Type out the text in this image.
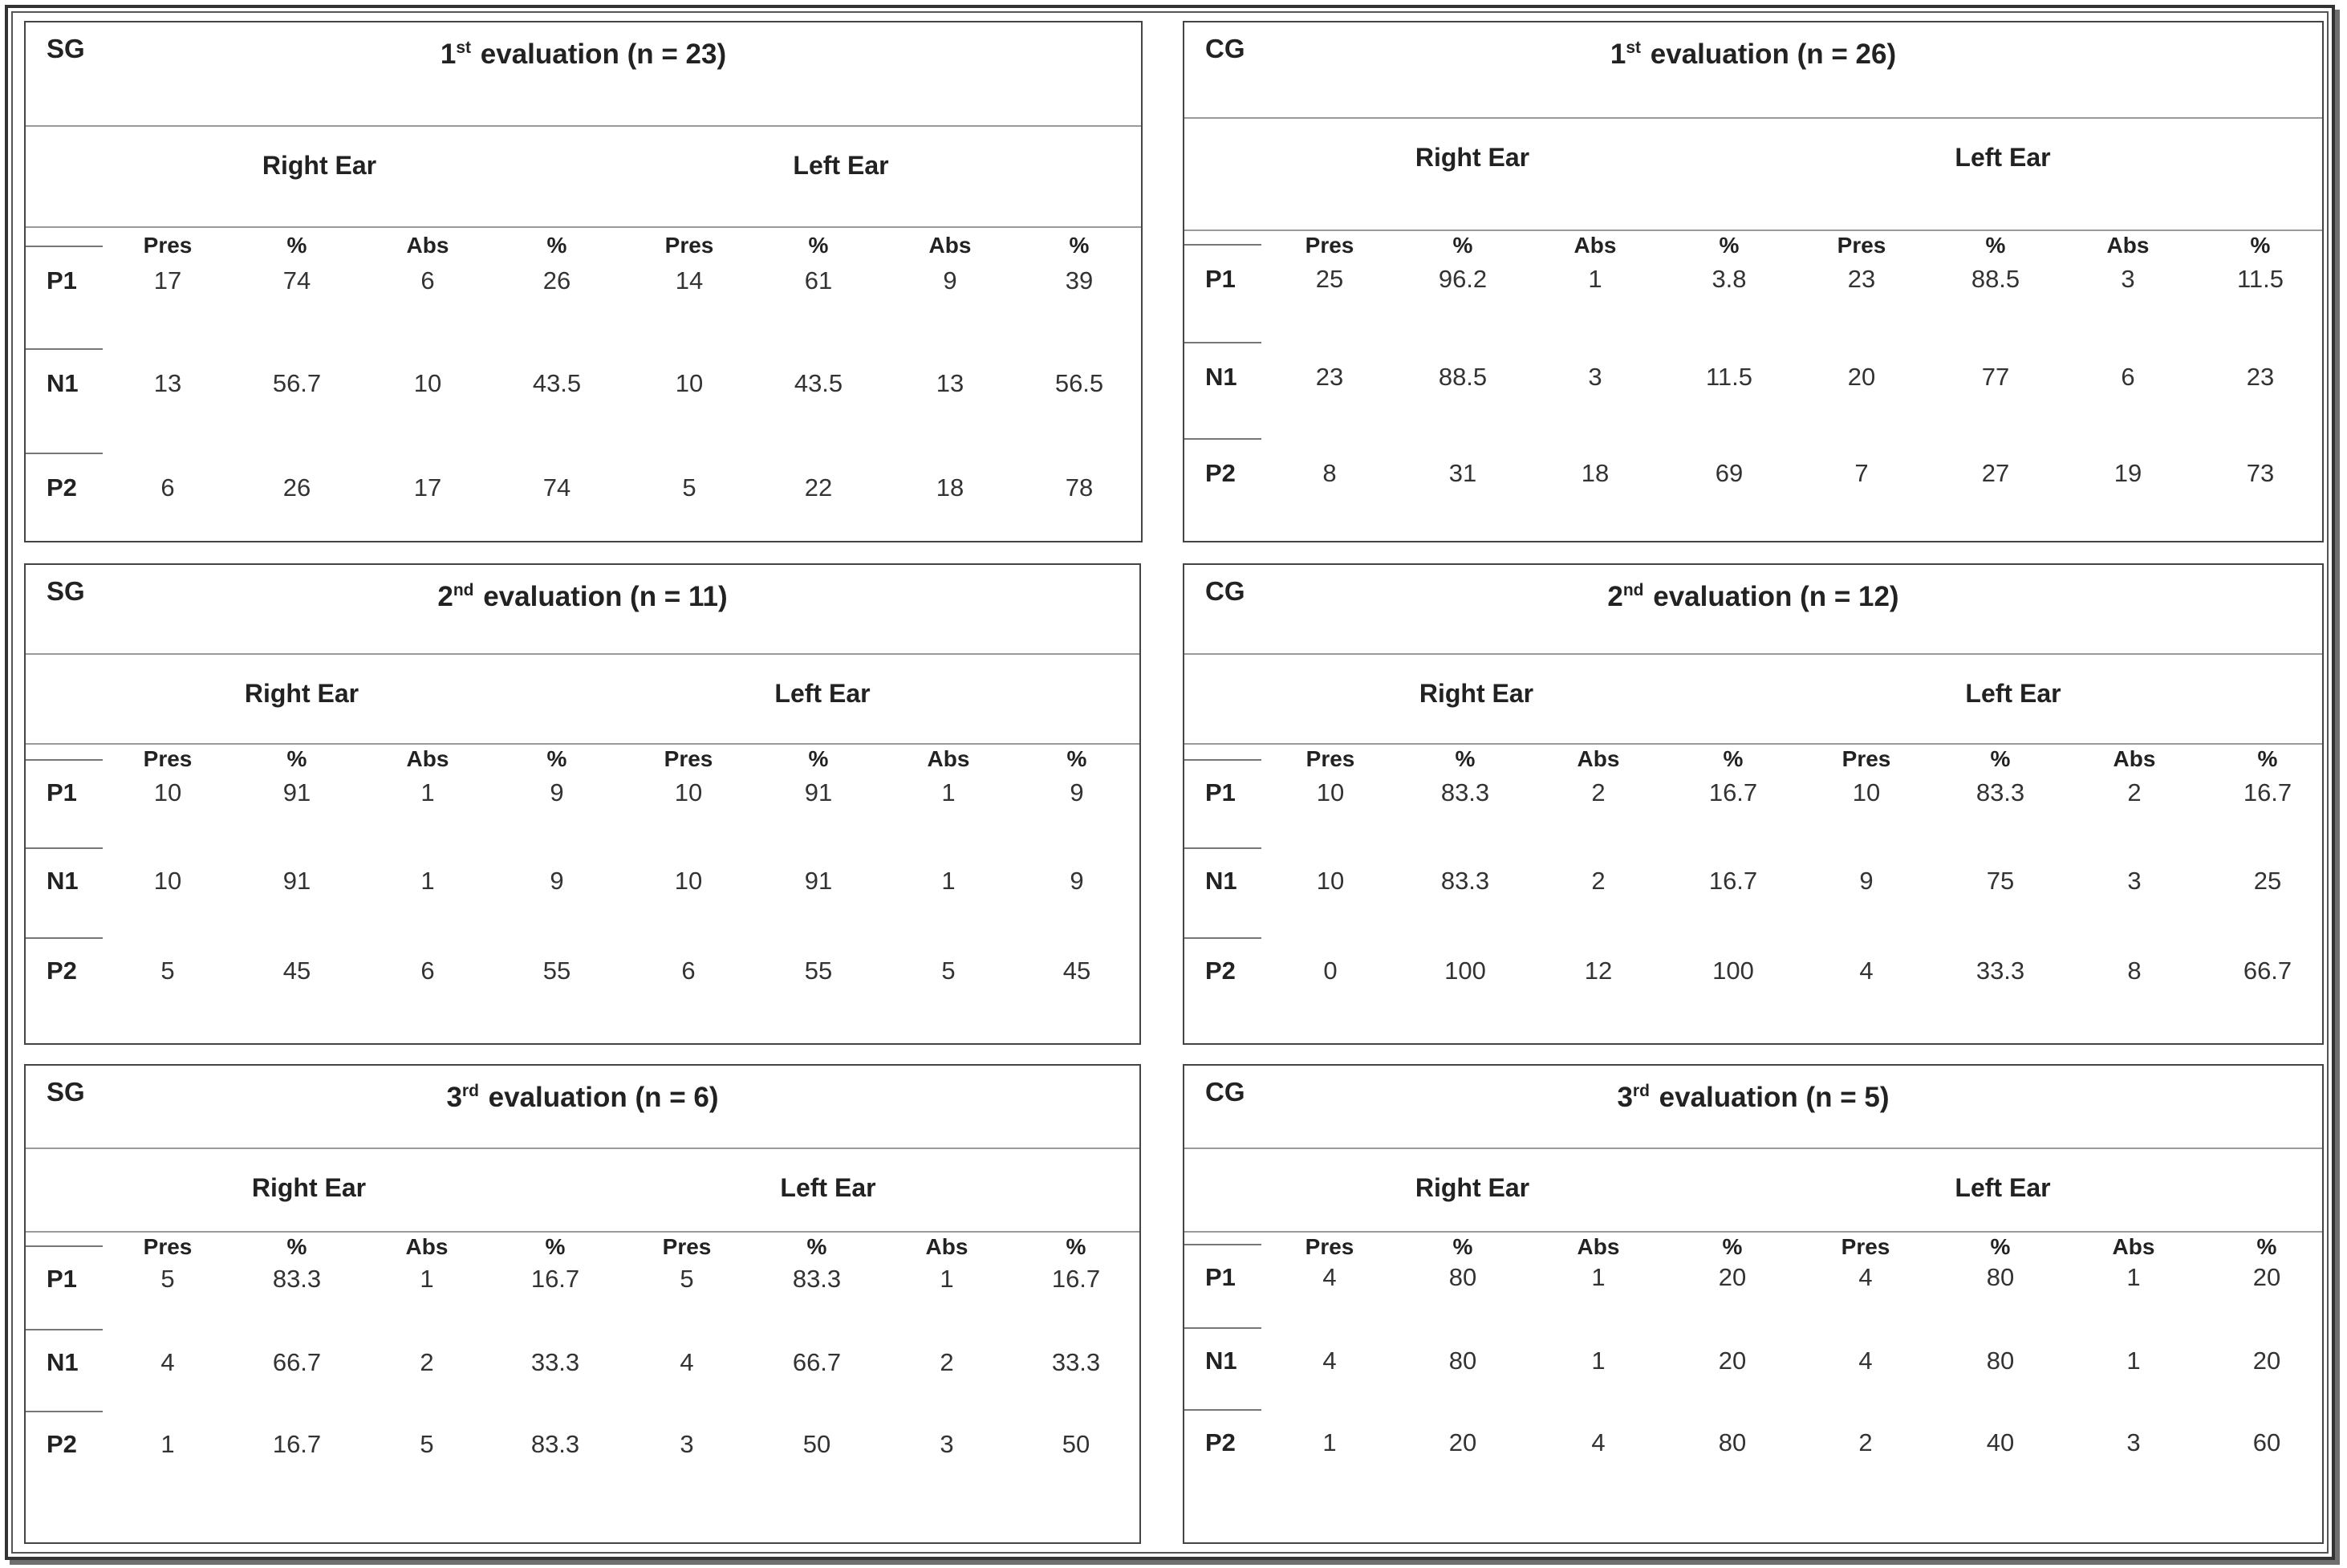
SG	1st evaluation (n = 23)
Right Ear	Left Ear
Pres	%	Abs	%	Pres	%	Abs	%
P1	17	74	6	26	14	61	9	39
N1	13	56.7	10	43.5	10	43.5	13	56.5
P2	6	26	17	74	5	22	18	78
CG	1st evaluation (n = 26)
Right Ear	Left Ear
Pres	%	Abs	%	Pres	%	Abs	%
P1	25	96.2	1	3.8	23	88.5	3	11.5
N1	23	88.5	3	11.5	20	77	6	23
P2	8	31	18	69	7	27	19	73
SG	2nd evaluation (n = 11)
Right Ear	Left Ear
Pres	%	Abs	%	Pres	%	Abs	%
P1	10	91	1	9	10	91	1	9
N1	10	91	1	9	10	91	1	9
P2	5	45	6	55	6	55	5	45
CG	2nd evaluation (n = 12)
Right Ear	Left Ear
Pres	%	Abs	%	Pres	%	Abs	%
P1	10	83.3	2	16.7	10	83.3	2	16.7
N1	10	83.3	2	16.7	9	75	3	25
P2	0	100	12	100	4	33.3	8	66.7
SG	3rd evaluation (n = 6)
Right Ear	Left Ear
Pres	%	Abs	%	Pres	%	Abs	%
P1	5	83.3	1	16.7	5	83.3	1	16.7
N1	4	66.7	2	33.3	4	66.7	2	33.3
P2	1	16.7	5	83.3	3	50	3	50
CG	3rd evaluation (n = 5)
Right Ear	Left Ear
Pres	%	Abs	%	Pres	%	Abs	%
P1	4	80	1	20	4	80	1	20
N1	4	80	1	20	4	80	1	20
P2	1	20	4	80	2	40	3	60
